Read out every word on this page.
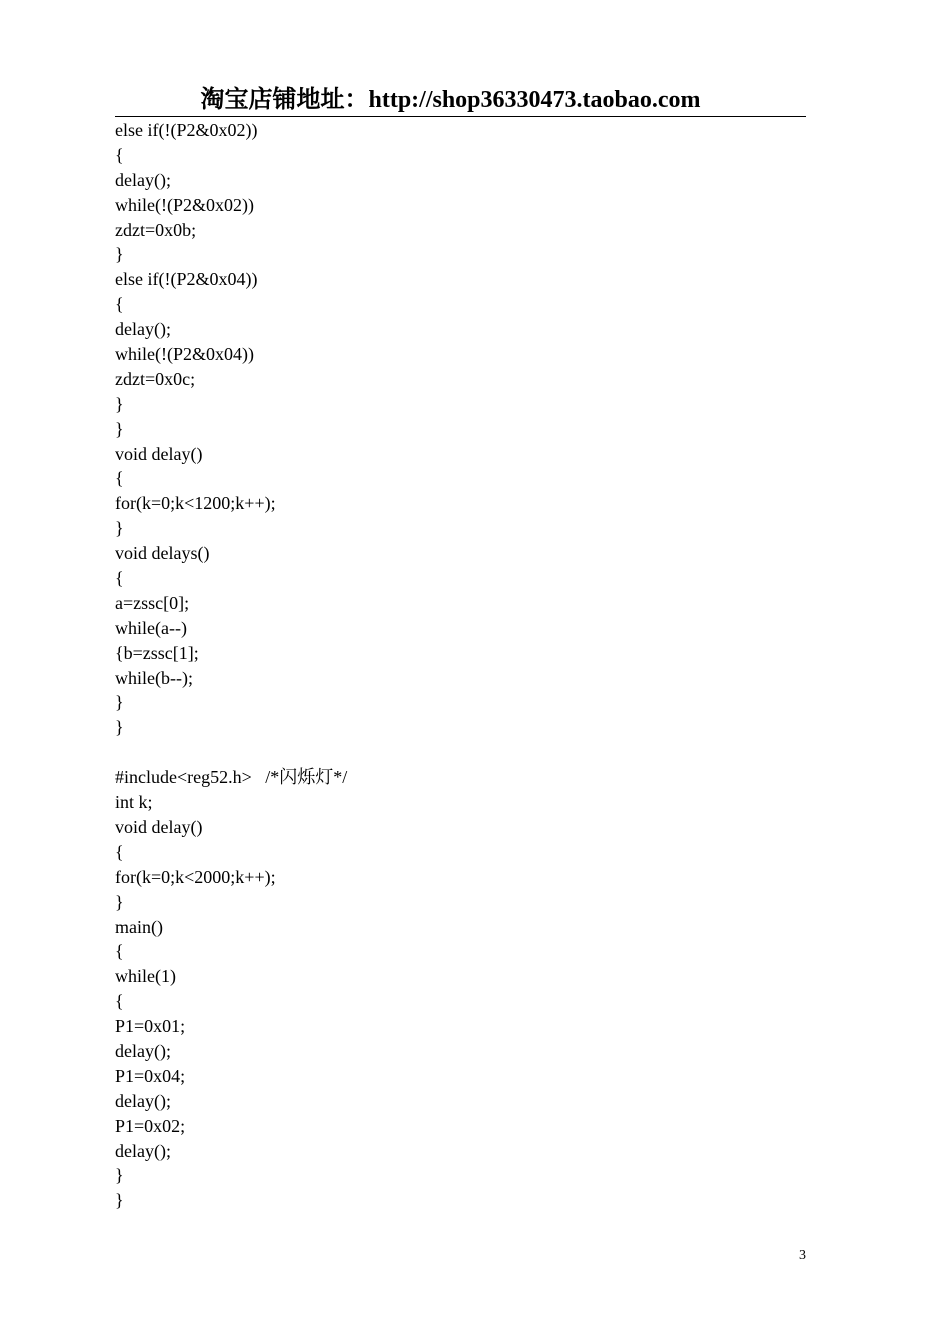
淘宝店铺地址：http://shop36330473.taobao.com
else if(!(P2&0x02))
{
delay();
while(!(P2&0x02))
zdzt=0x0b;
}
else if(!(P2&0x04))
{
delay();
while(!(P2&0x04))
zdzt=0x0c;
}
}
void delay()
{
for(k=0;k<1200;k++);
}
void delays()
{
a=zssc[0];
while(a--)
{b=zssc[1];
while(b--);
}
}
#include<reg52.h>   /*闪烁灯*/
int k;
void delay()
{
for(k=0;k<2000;k++);
}
main()
{
while(1)
{
P1=0x01;
delay();
P1=0x04;
delay();
P1=0x02;
delay();
}
}
3
